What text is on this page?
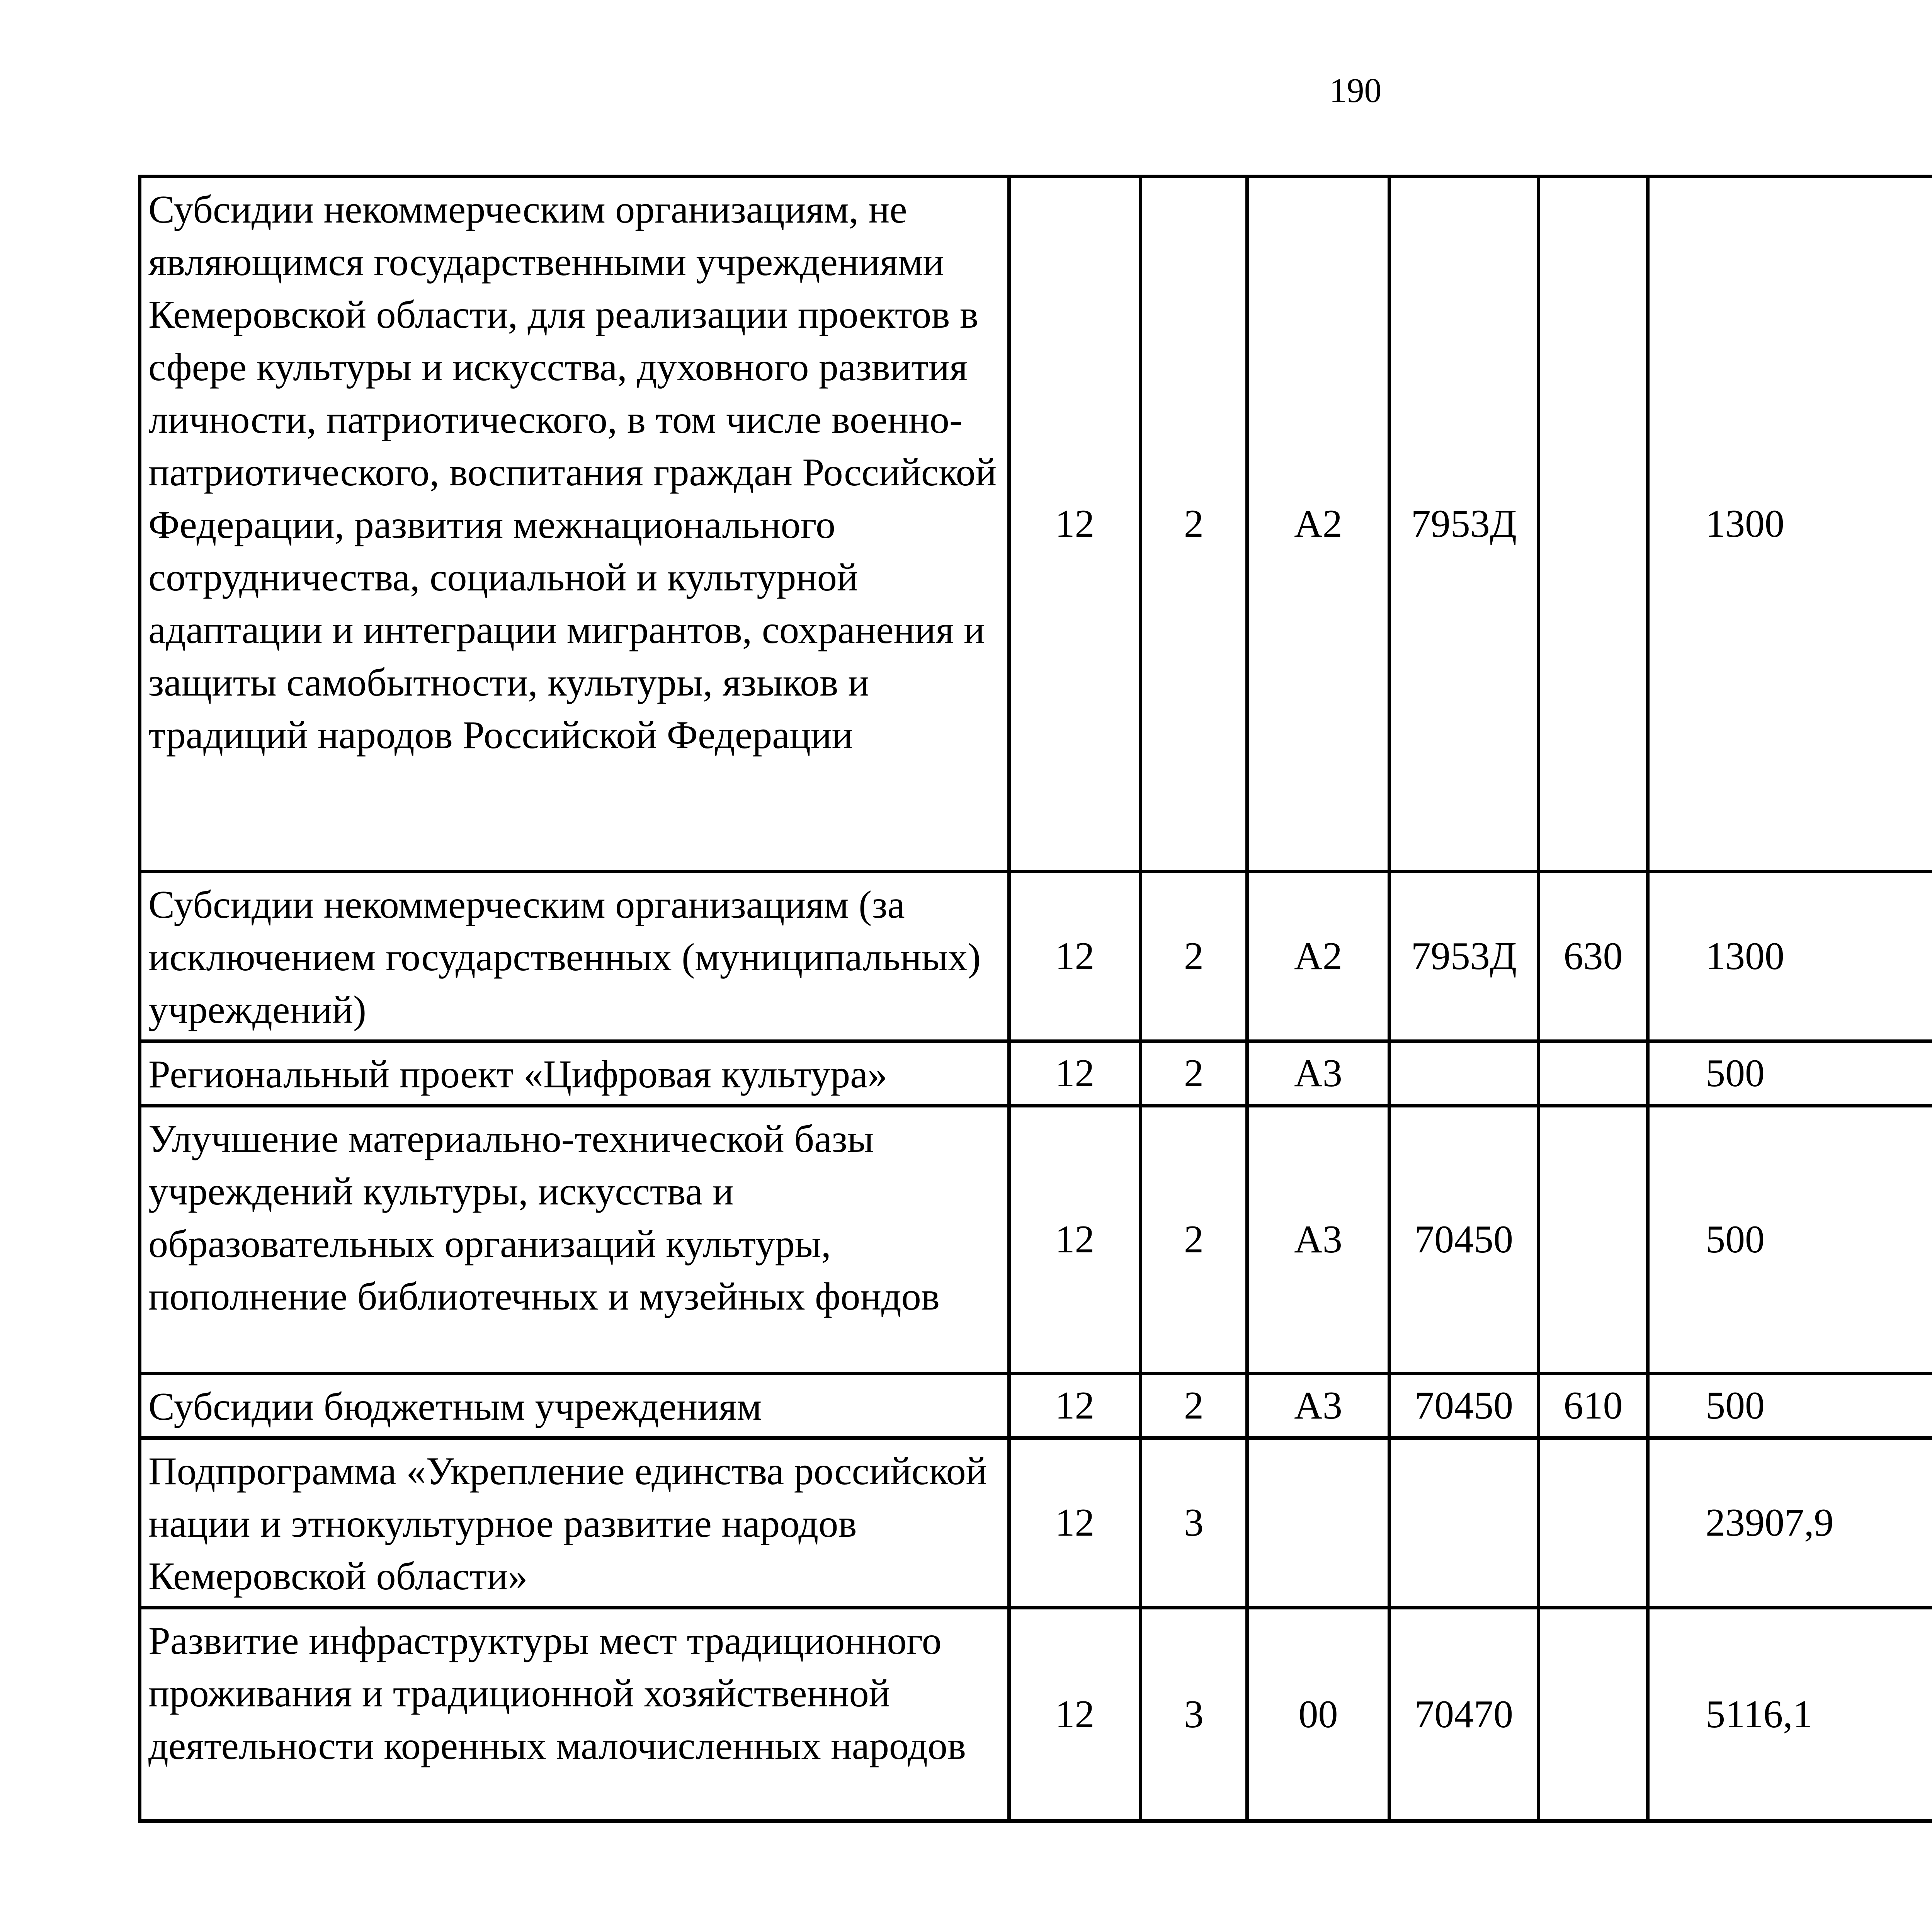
190
Субсидии некоммерческим организациям, не являющимся государственными учреждениями Кемеровской области, для реализации проектов в сфере культуры и искусства, духовного развития личности, патриотического, в том числе военно-патриотического, воспитания граждан Российской Федерации, развития межнационального сотрудничества, социальной и культурной адаптации и интеграции мигрантов, сохранения и защиты самобытности, культуры, языков и традиций народов Российской Федерации	12	2	А2	7953Д		1300		
Субсидии некоммерческим организациям (за исключением государственных (муниципальных) учреждений)	12	2	А2	7953Д	630	1300		
Региональный проект «Цифровая культура»	12	2	А3			500		
Улучшение материально-технической базы учреждений культуры, искусства и образовательных организаций культуры, пополнение библиотечных и музейных фондов	12	2	А3	70450		500		
Субсидии бюджетным учреждениям	12	2	А3	70450	610	500		
Подпрограмма «Укрепление единства российской нации и этнокультурное развитие народов Кемеровской области»	12	3				23907,9		
Развитие инфраструктуры мест традиционного проживания и традиционной хозяйственной деятельности коренных малочисленных народов	12	3	00	70470		5116,1		
